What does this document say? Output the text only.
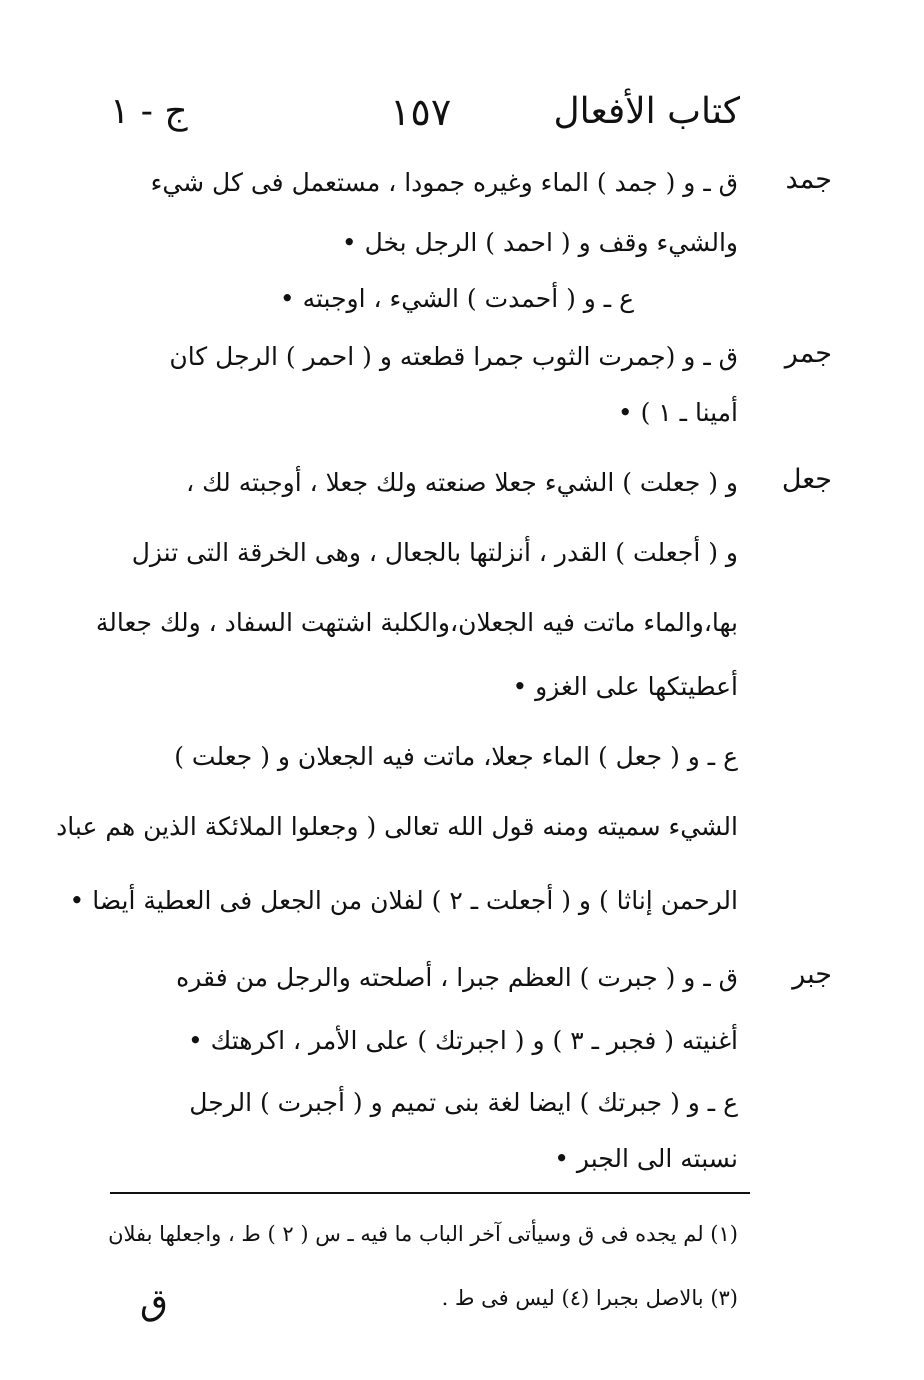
كتاب الأفعال
١٥٧
ج - ١
جمد
جمر
جعل
جبر
ق ـ و ( جمد ) الماء وغيره جمودا ، مستعمل فى كل شيء
والشيء وقف و ( احمد ) الرجل بخل •
ع ـ و ( أحمدت ) الشيء ، اوجبته •
ق ـ و (جمرت الثوب جمرا قطعته و ( احمر ) الرجل كان
أمينا ـ ١ ) •
و ( جعلت ) الشيء جعلا صنعته ولك جعلا ، أوجبته لك ،
و ( أجعلت ) القدر ، أنزلتها بالجعال ، وهى الخرقة التى تنزل
بها،والماء ماتت فيه الجعلان،والكلبة اشتهت السفاد ، ولك جعالة
أعطيتكها على الغزو •
ع ـ و ( جعل ) الماء جعلا، ماتت فيه الجعلان و ( جعلت )
الشيء سميته ومنه قول الله تعالى ( وجعلوا الملائكة الذين هم عباد
الرحمن إناثا ) و ( أجعلت ـ ٢ ) لفلان من الجعل فى العطية أيضا •
ق ـ و ( جبرت ) العظم جبرا ، أصلحته والرجل من فقره
أغنيته ( فجبر ـ ٣ ) و ( اجبرتك ) على الأمر ، اكرهتك •
ع ـ و ( جبرتك ) ايضا لغة بنى تميم و ( أجبرت ) الرجل
نسبته الى الجبر •
(١) لم يجده فى ق وسيأتى آخر الباب ما فيه ـ س ( ٢ ) ط ، واجعلها بفلان
(٣) بالاصل بجبرا (٤) ليس فى ط .
ق
